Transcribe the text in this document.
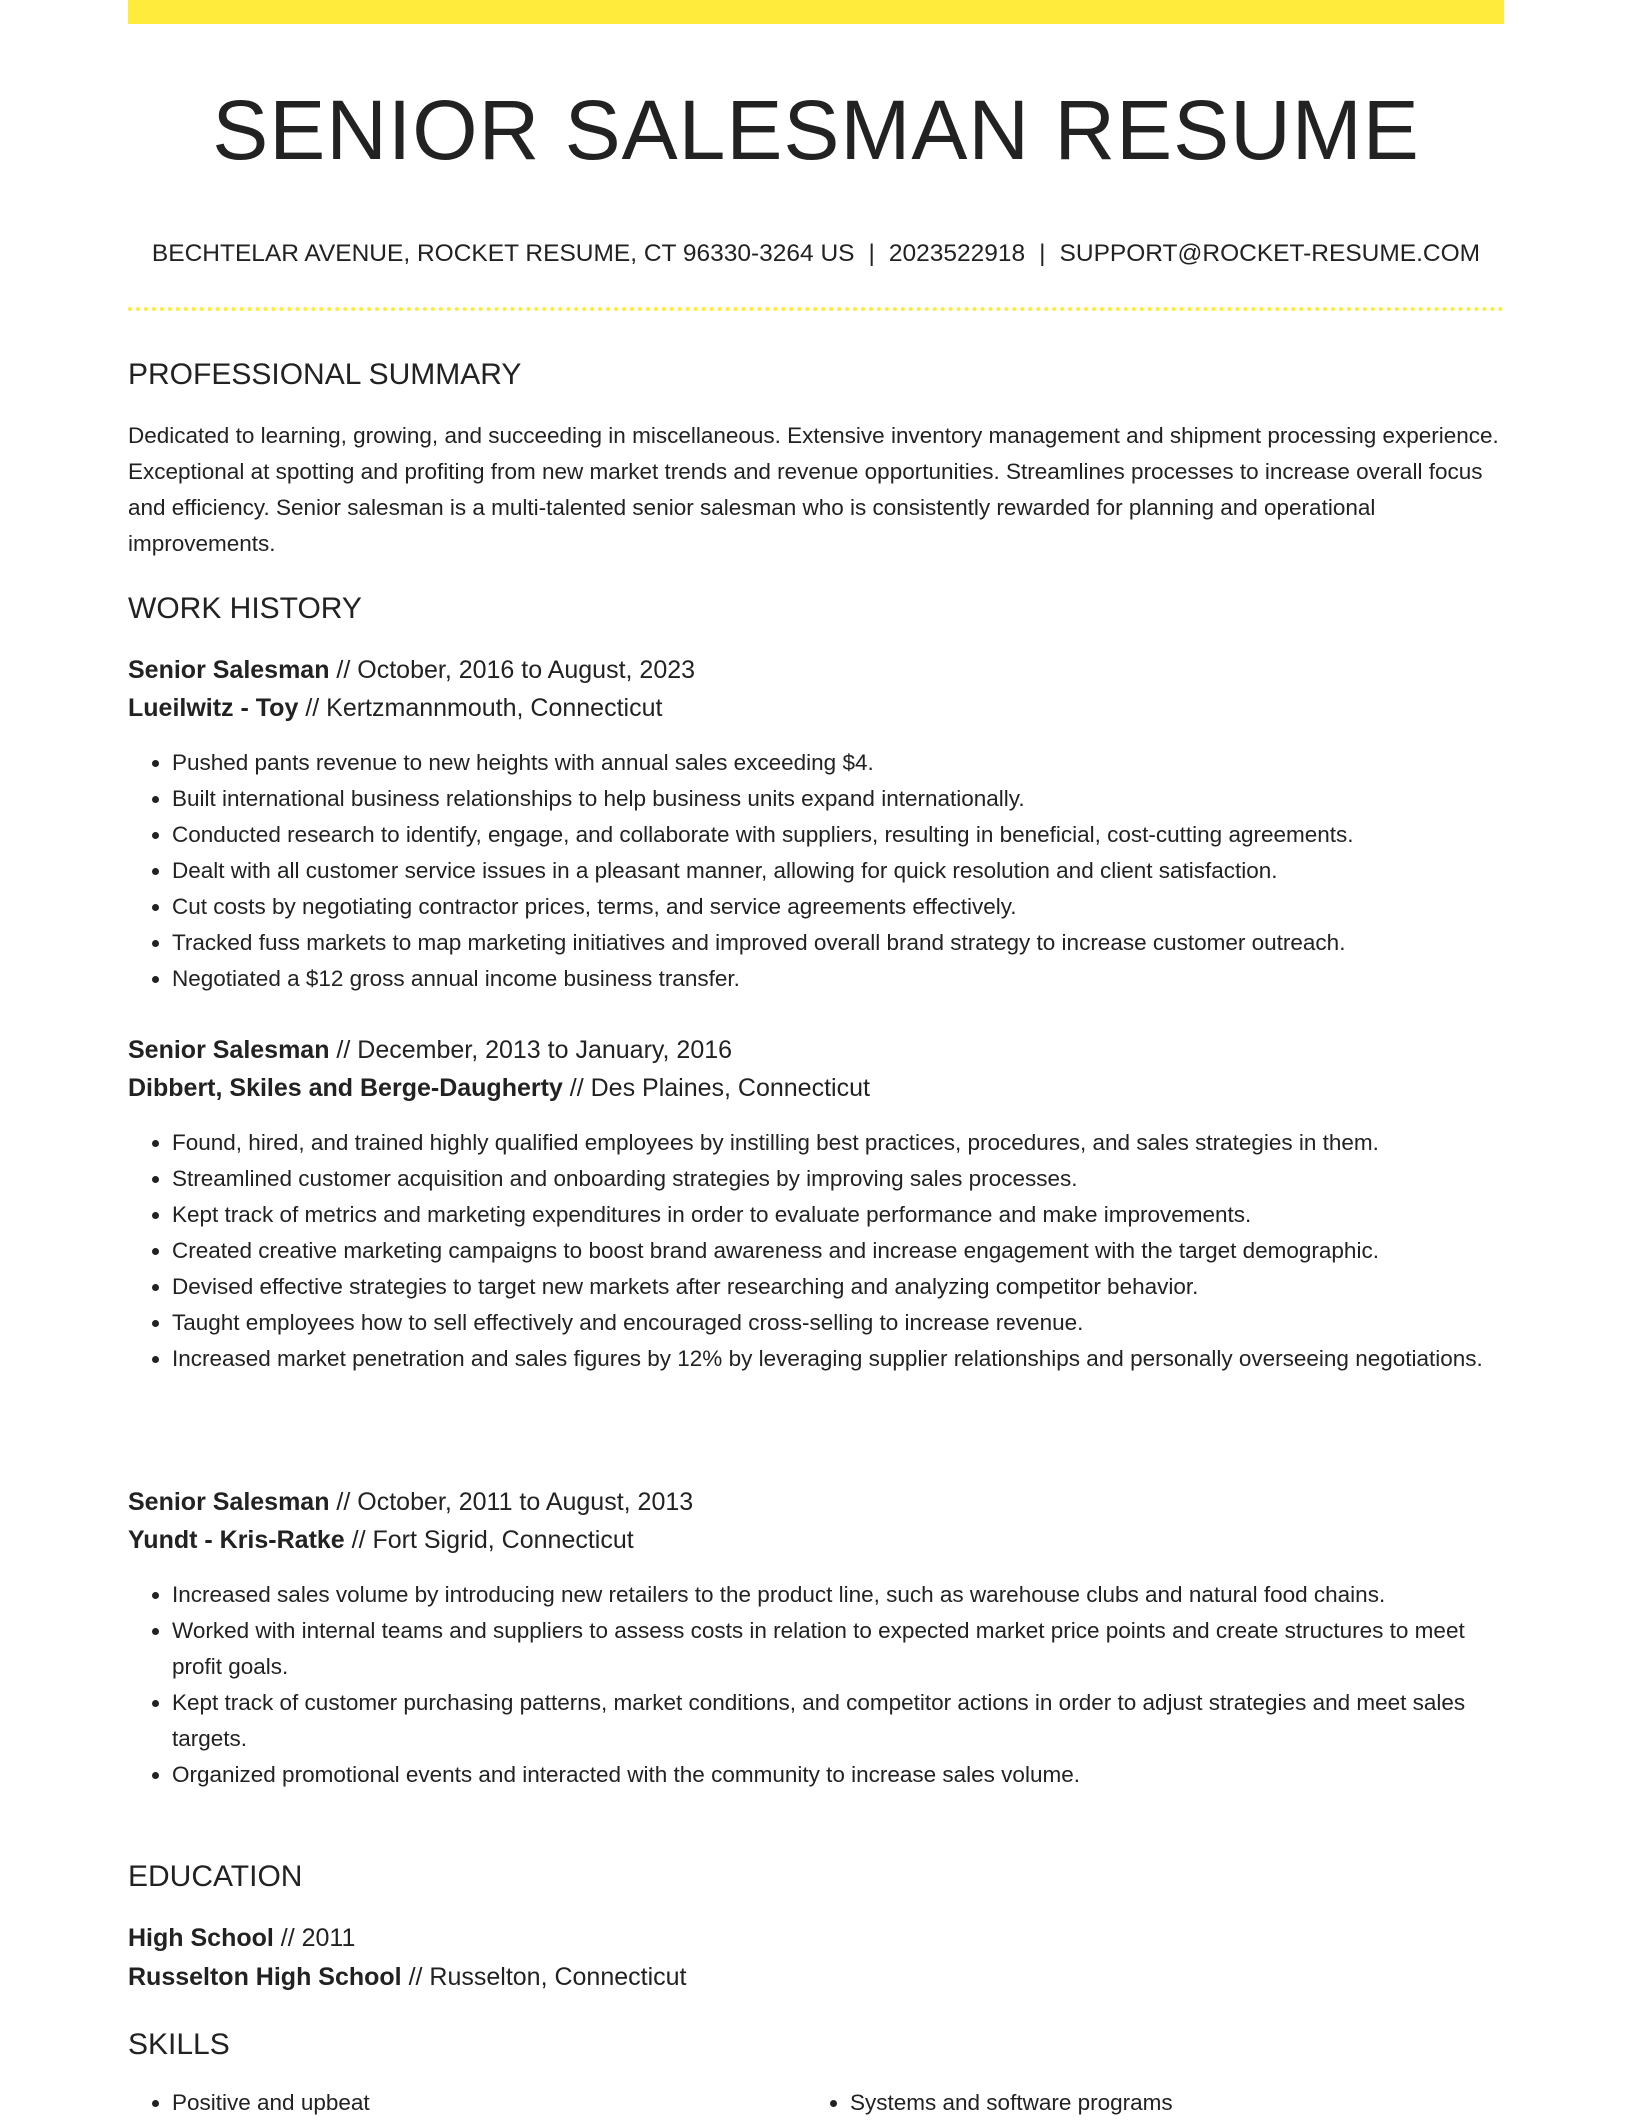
SENIOR SALESMAN RESUME
BECHTELAR AVENUE, ROCKET RESUME, CT 96330-3264 US | 2023522918 | SUPPORT@ROCKET-RESUME.COM
PROFESSIONAL SUMMARY
Dedicated to learning, growing, and succeeding in miscellaneous. Extensive inventory management and shipment processing experience. Exceptional at spotting and profiting from new market trends and revenue opportunities. Streamlines processes to increase overall focus and efficiency. Senior salesman is a multi-talented senior salesman who is consistently rewarded for planning and operational improvements.
WORK HISTORY
Senior Salesman // October, 2016 to August, 2023
Lueilwitz - Toy // Kertzmannmouth, Connecticut
• Pushed pants revenue to new heights with annual sales exceeding $4.
• Built international business relationships to help business units expand internationally.
• Conducted research to identify, engage, and collaborate with suppliers, resulting in beneficial, cost-cutting agreements.
• Dealt with all customer service issues in a pleasant manner, allowing for quick resolution and client satisfaction.
• Cut costs by negotiating contractor prices, terms, and service agreements effectively.
• Tracked fuss markets to map marketing initiatives and improved overall brand strategy to increase customer outreach.
• Negotiated a $12 gross annual income business transfer.
Senior Salesman // December, 2013 to January, 2016
Dibbert, Skiles and Berge-Daugherty // Des Plaines, Connecticut
• Found, hired, and trained highly qualified employees by instilling best practices, procedures, and sales strategies in them.
• Streamlined customer acquisition and onboarding strategies by improving sales processes.
• Kept track of metrics and marketing expenditures in order to evaluate performance and make improvements.
• Created creative marketing campaigns to boost brand awareness and increase engagement with the target demographic.
• Devised effective strategies to target new markets after researching and analyzing competitor behavior.
• Taught employees how to sell effectively and encouraged cross-selling to increase revenue.
• Increased market penetration and sales figures by 12% by leveraging supplier relationships and personally overseeing negotiations.
Senior Salesman // October, 2011 to August, 2013
Yundt - Kris-Ratke // Fort Sigrid, Connecticut
• Increased sales volume by introducing new retailers to the product line, such as warehouse clubs and natural food chains.
• Worked with internal teams and suppliers to assess costs in relation to expected market price points and create structures to meet profit goals.
• Kept track of customer purchasing patterns, market conditions, and competitor actions in order to adjust strategies and meet sales targets.
• Organized promotional events and interacted with the community to increase sales volume.
EDUCATION
High School // 2011
Russelton High School // Russelton, Connecticut
SKILLS
• Positive and upbeat
•	Systems and software programs
